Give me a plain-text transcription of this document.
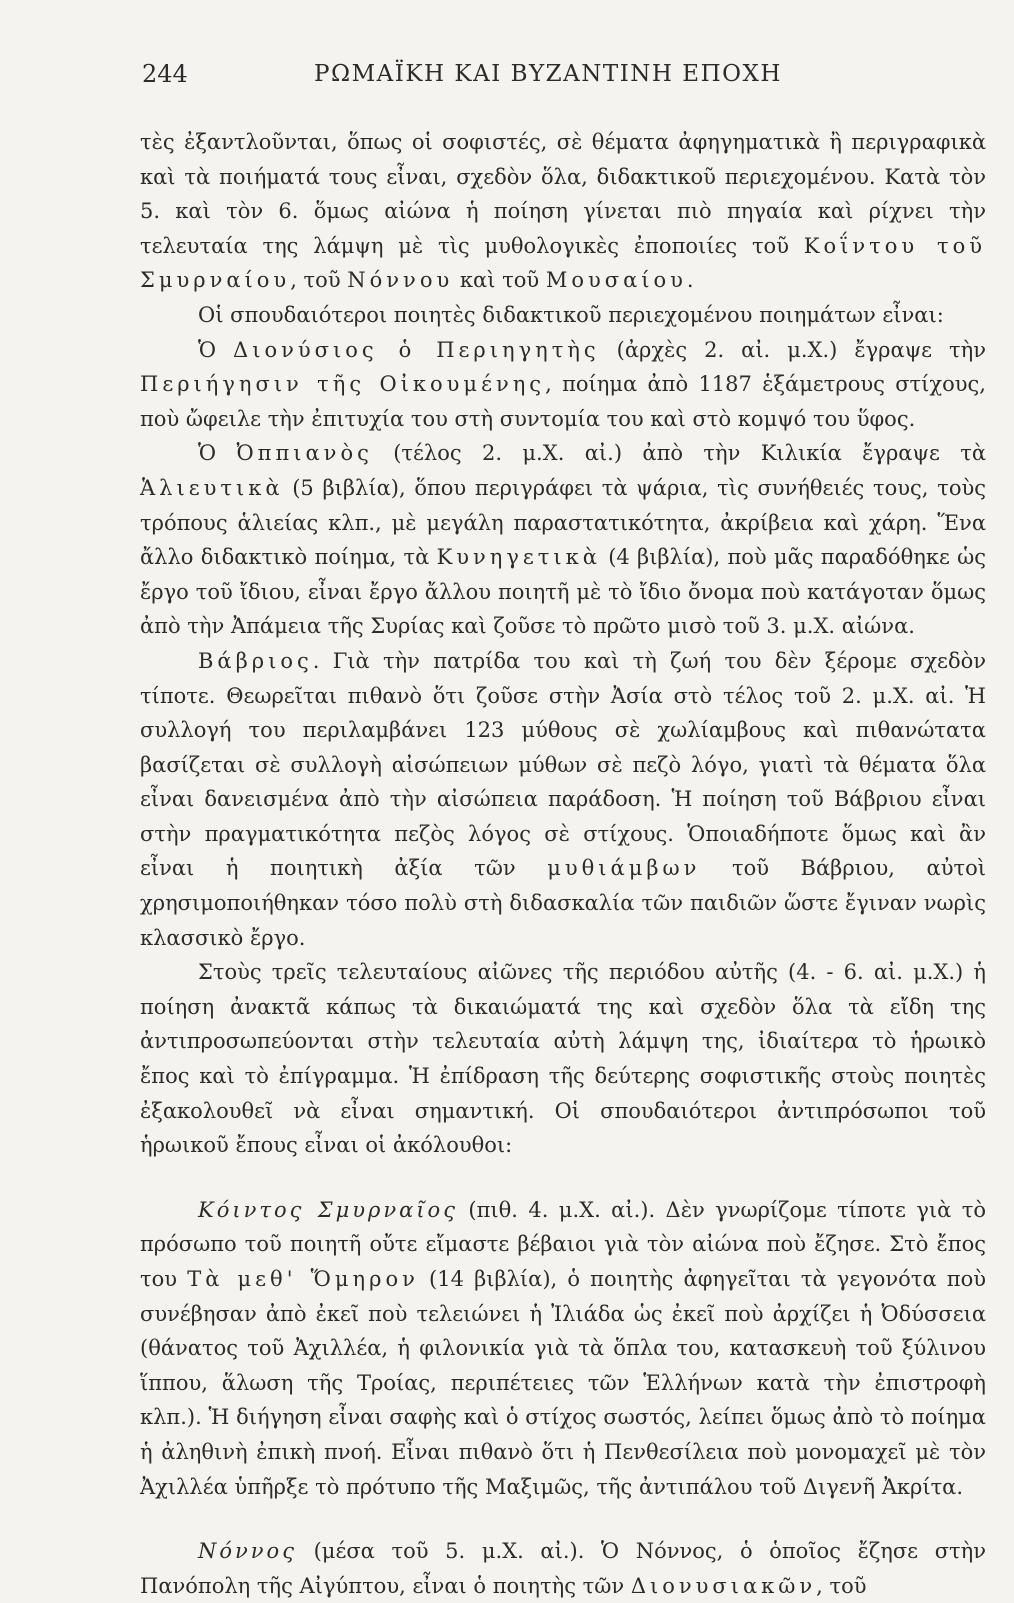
244	ΡΩΜΑΪΚΗ ΚΑΙ ΒΥΖΑΝΤΙΝΗ ΕΠΟΧΗ

τὲς ἐξαντλοῦνται, ὅπως οἱ σοφιστές, σὲ θέματα ἀφηγηματικὰ ἢ περιγραφικὰ καὶ τὰ ποιήματά τους εἶναι, σχεδὸν ὅλα, διδακτικοῦ περιεχομένου. Κατὰ τὸν 5. καὶ τὸν 6. ὅμως αἰώνα ἡ ποίηση γίνεται πιὸ πηγαία καὶ ρίχνει τὴν τελευταία της λάμψη μὲ τὶς μυθολογικὲς ἐποποιίες τοῦ Κοΐντου τοῦ Σμυρναίου, τοῦ Νόννου καὶ τοῦ Μουσαίου.

Οἱ σπουδαιότεροι ποιητὲς διδακτικοῦ περιεχομένου ποιημάτων εἶναι:

Ὁ Διονύσιος ὁ Περιηγητὴς (ἀρχὲς 2. αἰ. μ.Χ.) ἔγραψε τὴν Περιήγησιν τῆς Οἰκουμένης, ποίημα ἀπὸ 1187 ἑξάμετρους στίχους, ποὺ ὤφειλε τὴν ἐπιτυχία του στὴ συντομία του καὶ στὸ κομψό του ὕφος.

Ὁ Ὀππιανὸς (τέλος 2. μ.Χ. αἰ.) ἀπὸ τὴν Κιλικία ἔγραψε τὰ Ἁλιευτικὰ (5 βιβλία), ὅπου περιγράφει τὰ ψάρια, τὶς συνήθειές τους, τοὺς τρόπους ἁλιείας κλπ., μὲ μεγάλη παραστατικότητα, ἀκρίβεια καὶ χάρη. Ἕνα ἄλλο διδακτικὸ ποίημα, τὰ Κυνηγετικὰ (4 βιβλία), ποὺ μᾶς παραδόθηκε ὡς ἔργο τοῦ ἴδιου, εἶναι ἔργο ἄλλου ποιητῆ μὲ τὸ ἴδιο ὄνομα ποὺ κατάγοταν ὅμως ἀπὸ τὴν Ἀπάμεια τῆς Συρίας καὶ ζοῦσε τὸ πρῶτο μισὸ τοῦ 3. μ.Χ. αἰώνα.

Βάβριος. Γιὰ τὴν πατρίδα του καὶ τὴ ζωή του δὲν ξέρομε σχεδὸν τίποτε. Θεωρεῖται πιθανὸ ὅτι ζοῦσε στὴν Ἀσία στὸ τέλος τοῦ 2. μ.Χ. αἰ. Ἡ συλλογή του περιλαμβάνει 123 μύθους σὲ χωλίαμβους καὶ πιθανώτατα βασίζεται σὲ συλλογὴ αἰσώπειων μύθων σὲ πεζὸ λόγο, γιατὶ τὰ θέματα ὅλα εἶναι δανεισμένα ἀπὸ τὴν αἰσώπεια παράδοση. Ἡ ποίηση τοῦ Βάβριου εἶναι στὴν πραγματικότητα πεζὸς λόγος σὲ στίχους. Ὁποιαδήποτε ὅμως καὶ ἂν εἶναι ἡ ποιητικὴ ἀξία τῶν μυθιάμβων τοῦ Βάβριου, αὐτοὶ χρησιμοποιήθηκαν τόσο πολὺ στὴ διδασκαλία τῶν παιδιῶν ὥστε ἔγιναν νωρὶς κλασσικὸ ἔργο.

Στοὺς τρεῖς τελευταίους αἰῶνες τῆς περιόδου αὐτῆς (4. - 6. αἰ. μ.Χ.) ἡ ποίηση ἀνακτᾶ κάπως τὰ δικαιώματά της καὶ σχεδὸν ὅλα τὰ εἴδη της ἀντιπροσωπεύονται στὴν τελευταία αὐτὴ λάμψη της, ἰδιαίτερα τὸ ἡρωικὸ ἔπος καὶ τὸ ἐπίγραμμα. Ἡ ἐπίδραση τῆς δεύτερης σοφιστικῆς στοὺς ποιητὲς ἐξακολουθεῖ νὰ εἶναι σημαντική. Οἱ σπουδαιότεροι ἀντιπρόσωποι τοῦ ἡρωικοῦ ἔπους εἶναι οἱ ἀκόλουθοι:

Κόιντος Σμυρναῖος (πιθ. 4. μ.Χ. αἰ.). Δὲν γνωρίζομε τίποτε γιὰ τὸ πρόσωπο τοῦ ποιητῆ οὔτε εἴμαστε βέβαιοι γιὰ τὸν αἰώνα ποὺ ἔζησε. Στὸ ἔπος του Τὰ μεθ' Ὅμηρον (14 βιβλία), ὁ ποιητὴς ἀφηγεῖται τὰ γεγονότα ποὺ συνέβησαν ἀπὸ ἐκεῖ ποὺ τελειώνει ἡ Ἰλιάδα ὡς ἐκεῖ ποὺ ἀρχίζει ἡ Ὀδύσσεια (θάνατος τοῦ Ἀχιλλέα, ἡ φιλονικία γιὰ τὰ ὅπλα του, κατασκευὴ τοῦ ξύλινου ἵππου, ἅλωση τῆς Τροίας, περιπέτειες τῶν Ἑλλήνων κατὰ τὴν ἐπιστροφὴ κλπ.). Ἡ διήγηση εἶναι σαφὴς καὶ ὁ στίχος σωστός, λείπει ὅμως ἀπὸ τὸ ποίημα ἡ ἀληθινὴ ἐπικὴ πνοή. Εἶναι πιθανὸ ὅτι ἡ Πενθεσίλεια ποὺ μονομαχεῖ μὲ τὸν Ἀχιλλέα ὑπῆρξε τὸ πρότυπο τῆς Μαξιμῶς, τῆς ἀντιπάλου τοῦ Διγενῆ Ἀκρίτα.

Νόννος (μέσα τοῦ 5. μ.Χ. αἰ.). Ὁ Νόννος, ὁ ὁποῖος ἔζησε στὴν Πανόπολη τῆς Αἰγύπτου, εἶναι ὁ ποιητὴς τῶν Διονυσιακῶν, τοῦ
